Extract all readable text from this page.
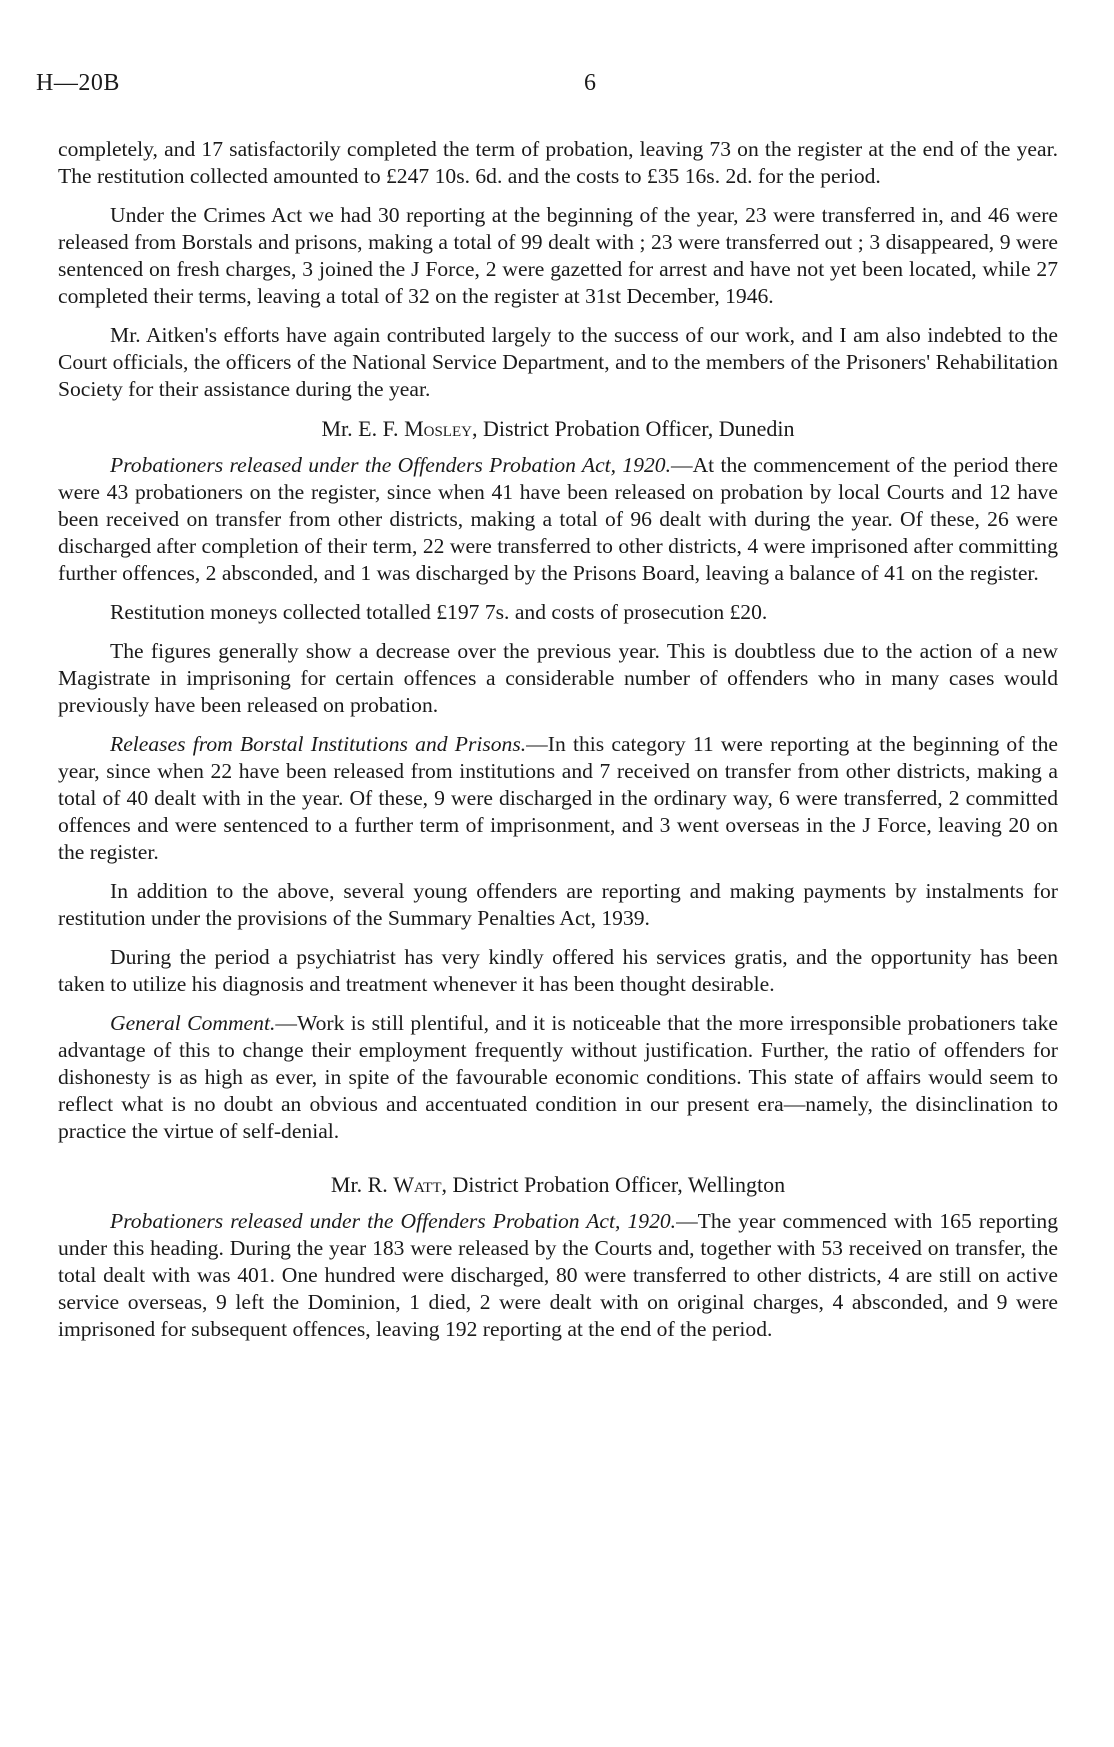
H—20B	6

completely, and 17 satisfactorily completed the term of probation, leaving 73 on the register at the end of the year. The restitution collected amounted to £247 10s. 6d. and the costs to £35 16s. 2d. for the period.

Under the Crimes Act we had 30 reporting at the beginning of the year, 23 were transferred in, and 46 were released from Borstals and prisons, making a total of 99 dealt with ; 23 were transferred out ; 3 disappeared, 9 were sentenced on fresh charges, 3 joined the J Force, 2 were gazetted for arrest and have not yet been located, while 27 completed their terms, leaving a total of 32 on the register at 31st December, 1946.

Mr. Aitken's efforts have again contributed largely to the success of our work, and I am also indebted to the Court officials, the officers of the National Service Department, and to the members of the Prisoners' Rehabilitation Society for their assistance during the year.

Mr. E. F. Mosley, District Probation Officer, Dunedin

Probationers released under the Offenders Probation Act, 1920.—At the commencement of the period there were 43 probationers on the register, since when 41 have been released on probation by local Courts and 12 have been received on transfer from other districts, making a total of 96 dealt with during the year. Of these, 26 were discharged after completion of their term, 22 were transferred to other districts, 4 were imprisoned after committing further offences, 2 absconded, and 1 was discharged by the Prisons Board, leaving a balance of 41 on the register.

Restitution moneys collected totalled £197 7s. and costs of prosecution £20.

The figures generally show a decrease over the previous year. This is doubtless due to the action of a new Magistrate in imprisoning for certain offences a considerable number of offenders who in many cases would previously have been released on probation.

Releases from Borstal Institutions and Prisons.—In this category 11 were reporting at the beginning of the year, since when 22 have been released from institutions and 7 received on transfer from other districts, making a total of 40 dealt with in the year. Of these, 9 were discharged in the ordinary way, 6 were transferred, 2 committed offences and were sentenced to a further term of imprisonment, and 3 went overseas in the J Force, leaving 20 on the register.

In addition to the above, several young offenders are reporting and making payments by instalments for restitution under the provisions of the Summary Penalties Act, 1939.

During the period a psychiatrist has very kindly offered his services gratis, and the opportunity has been taken to utilize his diagnosis and treatment whenever it has been thought desirable.

General Comment.—Work is still plentiful, and it is noticeable that the more irresponsible probationers take advantage of this to change their employment frequently without justification. Further, the ratio of offenders for dishonesty is as high as ever, in spite of the favourable economic conditions. This state of affairs would seem to reflect what is no doubt an obvious and accentuated condition in our present era—namely, the disinclination to practice the virtue of self-denial.

Mr. R. Watt, District Probation Officer, Wellington

Probationers released under the Offenders Probation Act, 1920.—The year commenced with 165 reporting under this heading. During the year 183 were released by the Courts and, together with 53 received on transfer, the total dealt with was 401. One hundred were discharged, 80 were transferred to other districts, 4 are still on active service overseas, 9 left the Dominion, 1 died, 2 were dealt with on original charges, 4 absconded, and 9 were imprisoned for subsequent offences, leaving 192 reporting at the end of the period.
